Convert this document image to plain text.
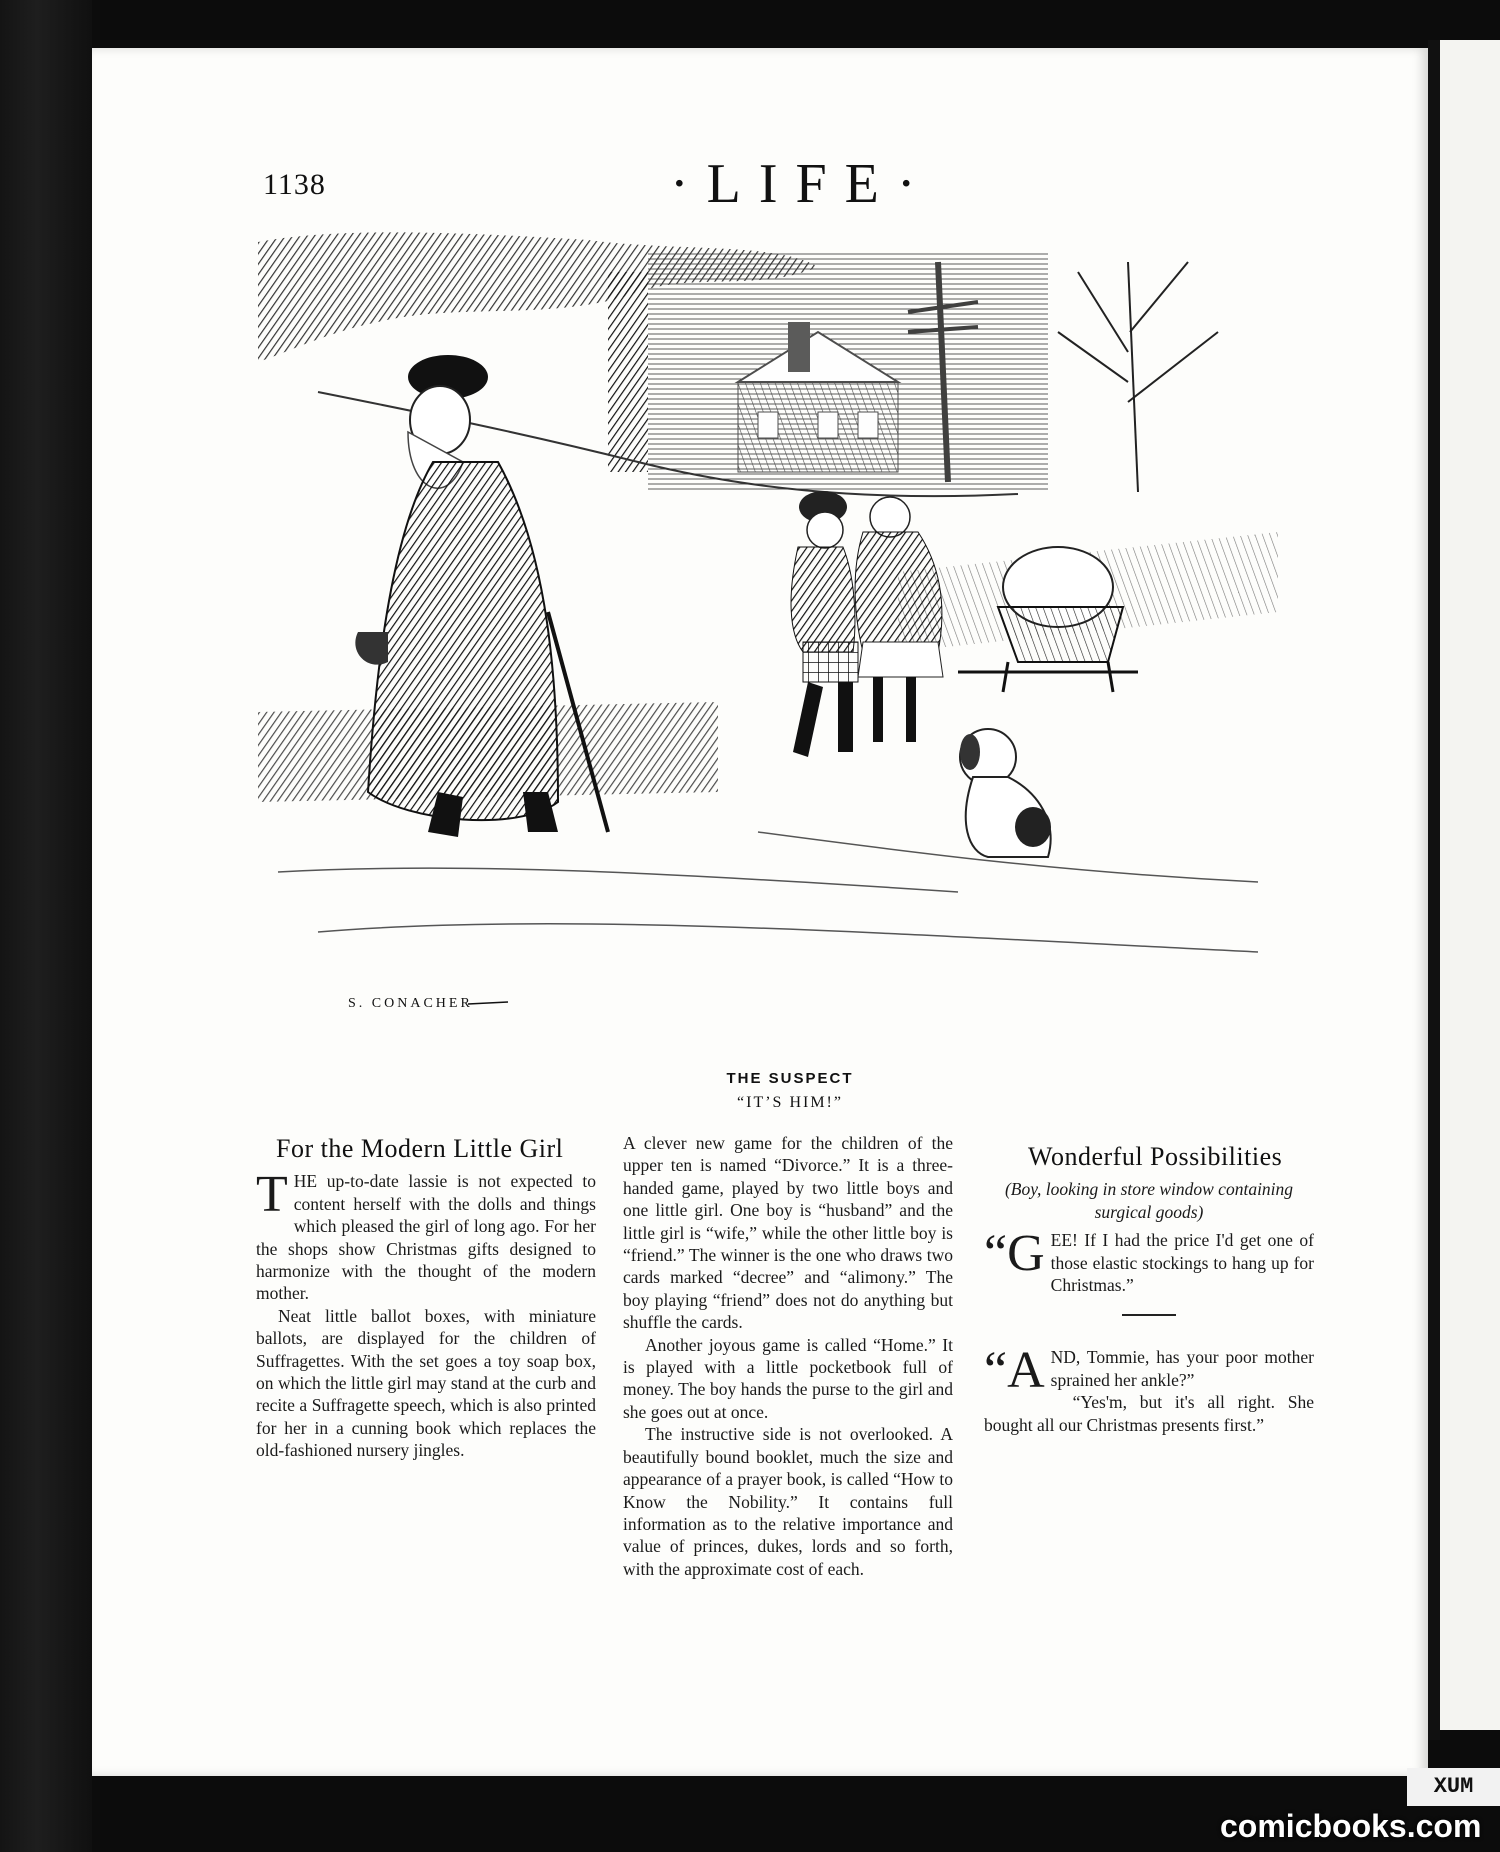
1138	·LIFE·
S. CONACHER
THE SUSPECT
“IT’S HIM!”
For the Modern Little Girl

THE up-to-date lassie is not expected to content herself with the dolls and things which pleased the girl of long ago. For her the shops show Christmas gifts designed to harmonize with the thought of the modern mother.

Neat little ballot boxes, with miniature ballots, are displayed for the children of Suffragettes. With the set goes a toy soap box, on which the little girl may stand at the curb and recite a Suffragette speech, which is also printed for her in a cunning book which replaces the old-fashioned nursery jingles.

A clever new game for the children of the upper ten is named “Divorce.” It is a three-handed game, played by two little boys and one little girl. One boy is “husband” and the little girl is “wife,” while the other little boy is “friend.” The winner is the one who draws two cards marked “decree” and “alimony.” The boy playing “friend” does not do anything but shuffle the cards.

Another joyous game is called “Home.” It is played with a little pocketbook full of money. The boy hands the purse to the girl and she goes out at once.

The instructive side is not overlooked. A beautifully bound booklet, much the size and appearance of a prayer book, is called “How to Know the Nobility.” It contains full information as to the relative importance and value of princes, dukes, lords and so forth, with the approximate cost of each.

Wonderful Possibilities

(Boy, looking in store window containing surgical goods)

“GEE! If I had the price I'd get one of those elastic stockings to hang up for Christmas.”

“AND, Tommie, has your poor mother sprained her ankle?”

“Yes'm, but it's all right. She bought all our Christmas presents first.”

XUM
comicbooks.com
